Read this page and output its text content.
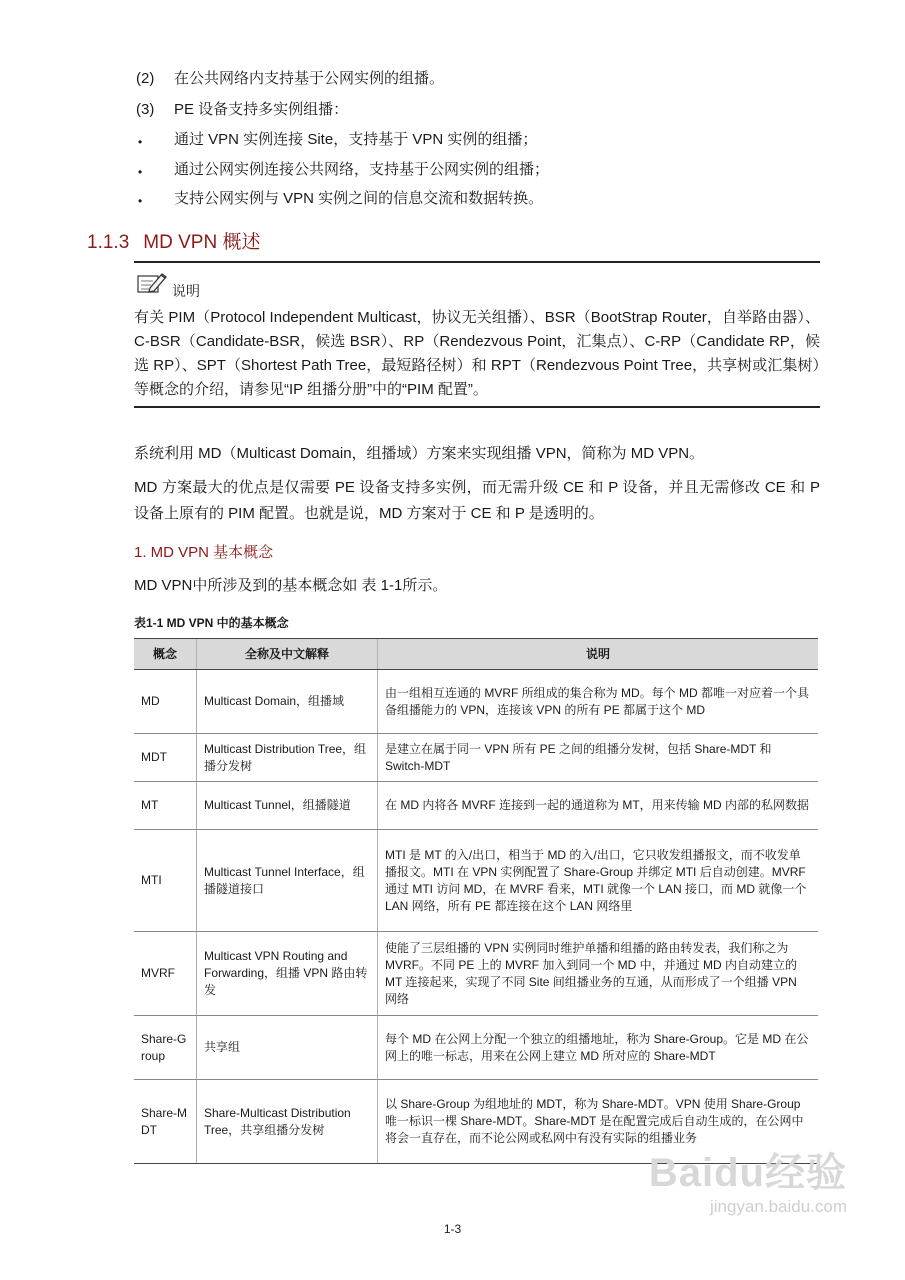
(2) 在公共网络内支持基于公网实例的组播。
(3) PE 设备支持多实例组播：
• 通过 VPN 实例连接 Site，支持基于 VPN 实例的组播；
• 通过公网实例连接公共网络，支持基于公网实例的组播；
• 支持公网实例与 VPN 实例之间的信息交流和数据转换。
1.1.3 MD VPN 概述
说明
有关 PIM（Protocol Independent Multicast，协议无关组播）、BSR（BootStrap Router，自举路由器）、C-BSR（Candidate-BSR，候选 BSR）、RP（Rendezvous Point，汇集点）、C-RP（Candidate RP，候选 RP）、SPT（Shortest Path Tree，最短路径树）和 RPT（Rendezvous Point Tree，共享树或汇集树）等概念的介绍，请参见“IP 组播分册”中的“PIM 配置”。
系统利用 MD（Multicast Domain，组播域）方案来实现组播 VPN，简称为 MD VPN。
MD 方案最大的优点是仅需要 PE 设备支持多实例，而无需升级 CE 和 P 设备，并且无需修改 CE 和 P 设备上原有的 PIM 配置。也就是说，MD 方案对于 CE 和 P 是透明的。
1. MD VPN 基本概念
MD VPN中所涉及到的基本概念如 表 1-1所示。
表1-1 MD VPN 中的基本概念
概念	全称及中文解释	说明
MD	Multicast Domain，组播域	由一组相互连通的 MVRF 所组成的集合称为 MD。每个 MD 都唯一对应着一个具备组播能力的 VPN，连接该 VPN 的所有 PE 都属于这个 MD
MDT	Multicast Distribution Tree，组播分发树	是建立在属于同一 VPN 所有 PE 之间的组播分发树，包括 Share-MDT 和 Switch-MDT
MT	Multicast Tunnel，组播隧道	在 MD 内将各 MVRF 连接到一起的通道称为 MT，用来传输 MD 内部的私网数据
MTI	Multicast Tunnel Interface，组播隧道接口	MTI 是 MT 的入/出口，相当于 MD 的入/出口，它只收发组播报文，而不收发单播报文。MTI 在 VPN 实例配置了 Share-Group 并绑定 MTI 后自动创建。MVRF 通过 MTI 访问 MD，在 MVRF 看来，MTI 就像一个 LAN 接口，而 MD 就像一个 LAN 网络，所有 PE 都连接在这个 LAN 网络里
MVRF	Multicast VPN Routing and Forwarding，组播 VPN 路由转发	使能了三层组播的 VPN 实例同时维护单播和组播的路由转发表，我们称之为 MVRF。不同 PE 上的 MVRF 加入到同一个 MD 中，并通过 MD 内自动建立的 MT 连接起来，实现了不同 Site 间组播业务的互通，从而形成了一个组播 VPN 网络
Share-Group	共享组	每个 MD 在公网上分配一个独立的组播地址，称为 Share-Group。它是 MD 在公网上的唯一标志，用来在公网上建立 MD 所对应的 Share-MDT
Share-MDT	Share-Multicast Distribution Tree，共享组播分发树	以 Share-Group 为组地址的 MDT，称为 Share-MDT。VPN 使用 Share-Group 唯一标识一棵 Share-MDT。Share-MDT 是在配置完成后自动生成的，在公网中将会一直存在，而不论公网或私网中有没有实际的组播业务
1-3
Baidu经验
jingyan.baidu.com
